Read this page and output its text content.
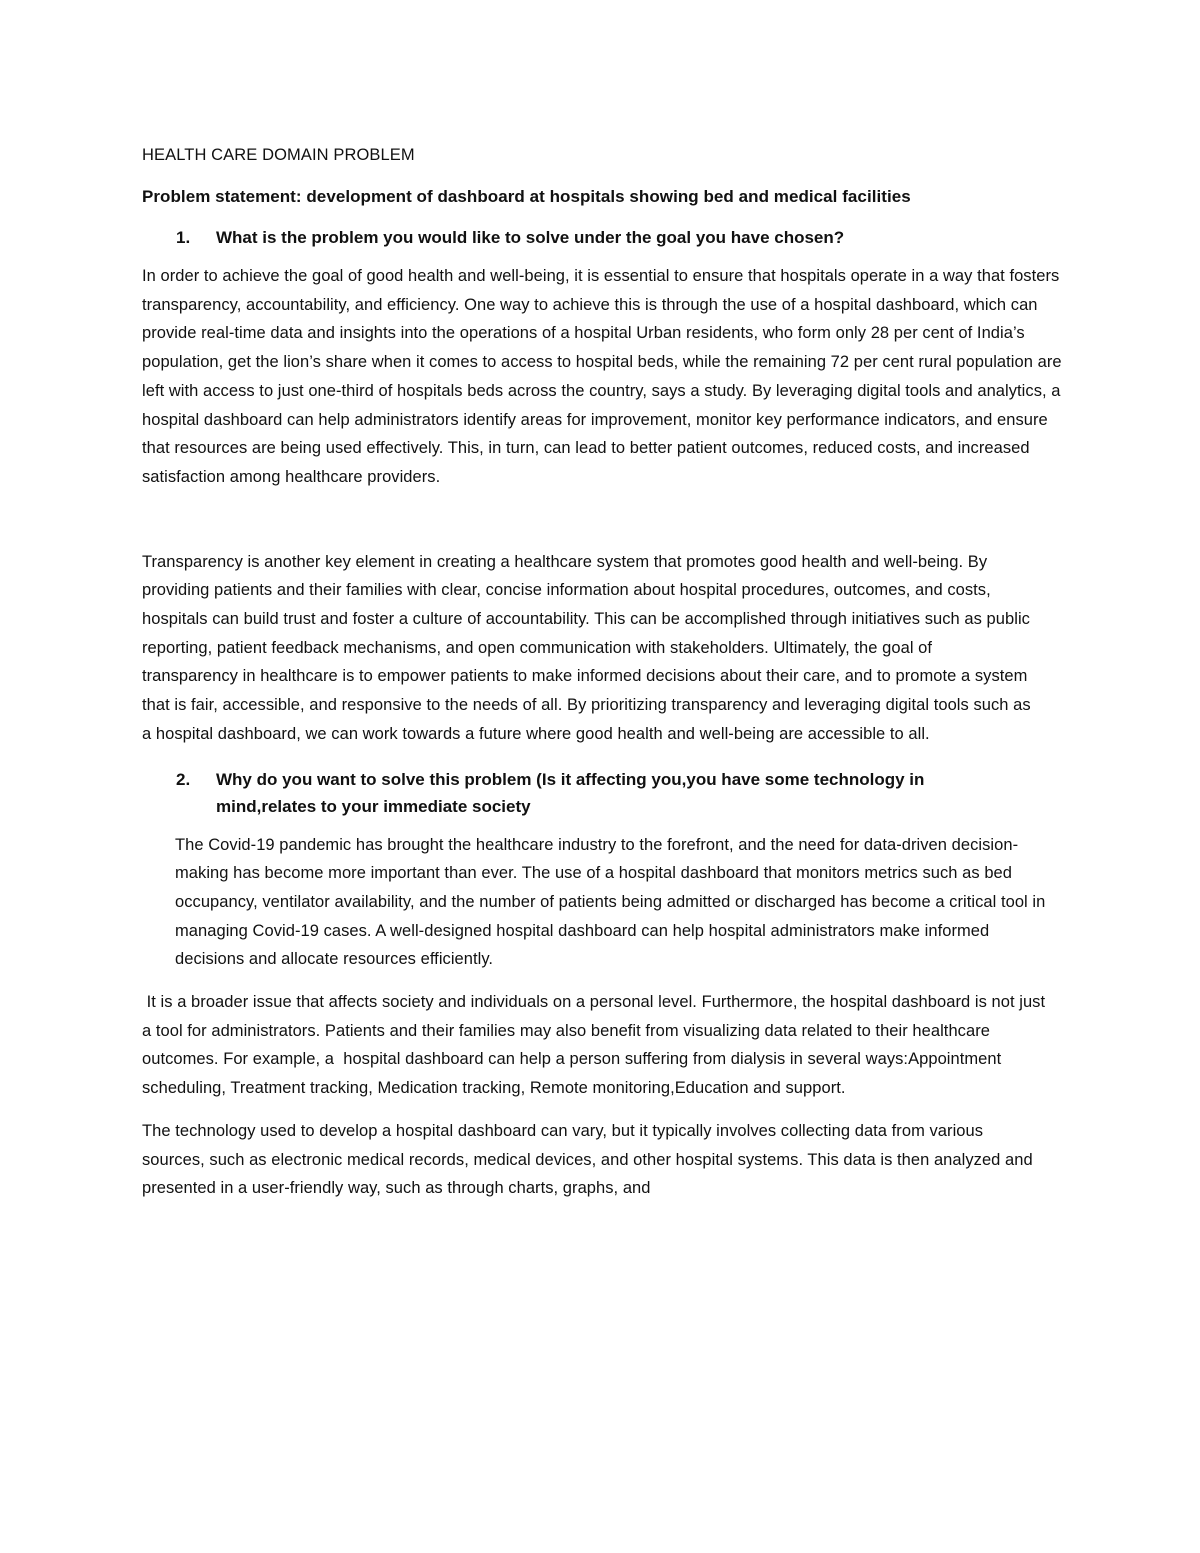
HEALTH CARE DOMAIN PROBLEM
Problem statement: development of dashboard at hospitals showing bed and medical facilities
1.	What is the problem you would like to solve under the goal you have chosen?

In order to achieve the goal of good health and well-being, it is essential to ensure that hospitals operate in a way that fosters transparency, accountability, and efficiency. One way to achieve this is through the use of a hospital dashboard, which can provide real-time data and insights into the operations of a hospital Urban residents, who form only 28 per cent of India’s population, get the lion’s share when it comes to access to hospital beds, while the remaining 72 per cent rural population are left with access to just one-third of hospitals beds across the country, says a study. By leveraging digital tools and analytics, a hospital dashboard can help administrators identify areas for improvement, monitor key performance indicators, and ensure that resources are being used effectively. This, in turn, can lead to better patient outcomes, reduced costs, and increased satisfaction among healthcare providers.

Transparency is another key element in creating a healthcare system that promotes good health and well-being. By providing patients and their families with clear, concise information about hospital procedures, outcomes, and costs, hospitals can build trust and foster a culture of accountability. This can be accomplished through initiatives such as public reporting, patient feedback mechanisms, and open communication with stakeholders. Ultimately, the goal of transparency in healthcare is to empower patients to make informed decisions about their care, and to promote a system that is fair, accessible, and responsive to the needs of all. By prioritizing transparency and leveraging digital tools such as a hospital dashboard, we can work towards a future where good health and well-being are accessible to all.

2.	Why do you want to solve this problem (Is it affecting you,you have some technology in mind,relates to your immediate society

The Covid-19 pandemic has brought the healthcare industry to the forefront, and the need for data-driven decision-making has become more important than ever. The use of a hospital dashboard that monitors metrics such as bed occupancy, ventilator availability, and the number of patients being admitted or discharged has become a critical tool in managing Covid-19 cases. A well-designed hospital dashboard can help hospital administrators make informed decisions and allocate resources efficiently.

It is a broader issue that affects society and individuals on a personal level. Furthermore, the hospital dashboard is not just a tool for administrators. Patients and their families may also benefit from visualizing data related to their healthcare outcomes. For example, a  hospital dashboard can help a person suffering from dialysis in several ways:Appointment scheduling, Treatment tracking, Medication tracking, Remote monitoring,Education and support.

The technology used to develop a hospital dashboard can vary, but it typically involves collecting data from various sources, such as electronic medical records, medical devices, and other hospital systems. This data is then analyzed and presented in a user-friendly way, such as through charts, graphs, and
